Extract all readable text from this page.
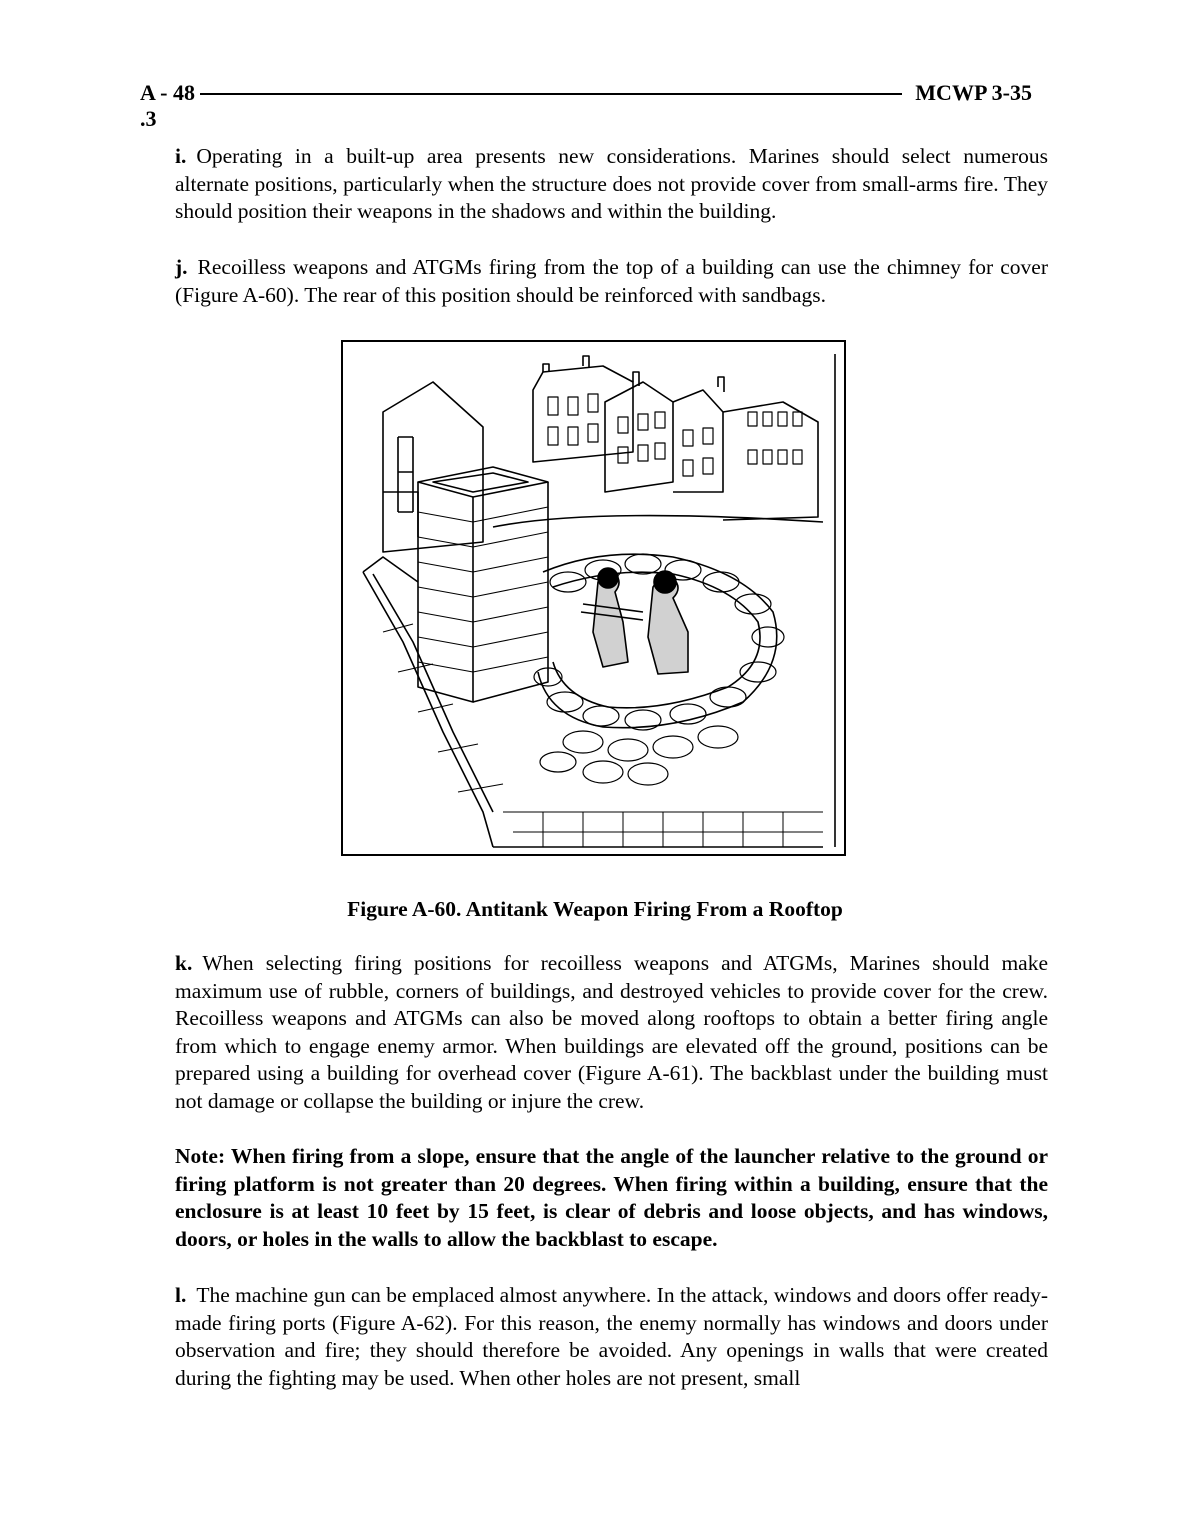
A - 48	MCWP 3-35
.3
i. Operating in a built-up area presents new considerations. Marines should select numerous alternate positions, particularly when the structure does not provide cover from small-arms fire. They should position their weapons in the shadows and within the building.
j. Recoilless weapons and ATGMs firing from the top of a building can use the chimney for cover (Figure A-60). The rear of this position should be reinforced with sandbags.
Figure A-60. Antitank Weapon Firing From a Rooftop
k. When selecting firing positions for recoilless weapons and ATGMs, Marines should make maximum use of rubble, corners of buildings, and destroyed vehicles to provide cover for the crew. Recoilless weapons and ATGMs can also be moved along rooftops to obtain a better firing angle from which to engage enemy armor. When buildings are elevated off the ground, positions can be prepared using a building for overhead cover (Figure A-61). The backblast under the building must not damage or collapse the building or injure the crew.
Note: When firing from a slope, ensure that the angle of the launcher relative to the ground or firing platform is not greater than 20 degrees. When firing within a building, ensure that the enclosure is at least 10 feet by 15 feet, is clear of debris and loose objects, and has windows, doors, or holes in the walls to allow the backblast to escape.
l. The machine gun can be emplaced almost anywhere. In the attack, windows and doors offer ready-made firing ports (Figure A-62). For this reason, the enemy normally has windows and doors under observation and fire; they should therefore be avoided. Any openings in walls that were created during the fighting may be used. When other holes are not present, small
